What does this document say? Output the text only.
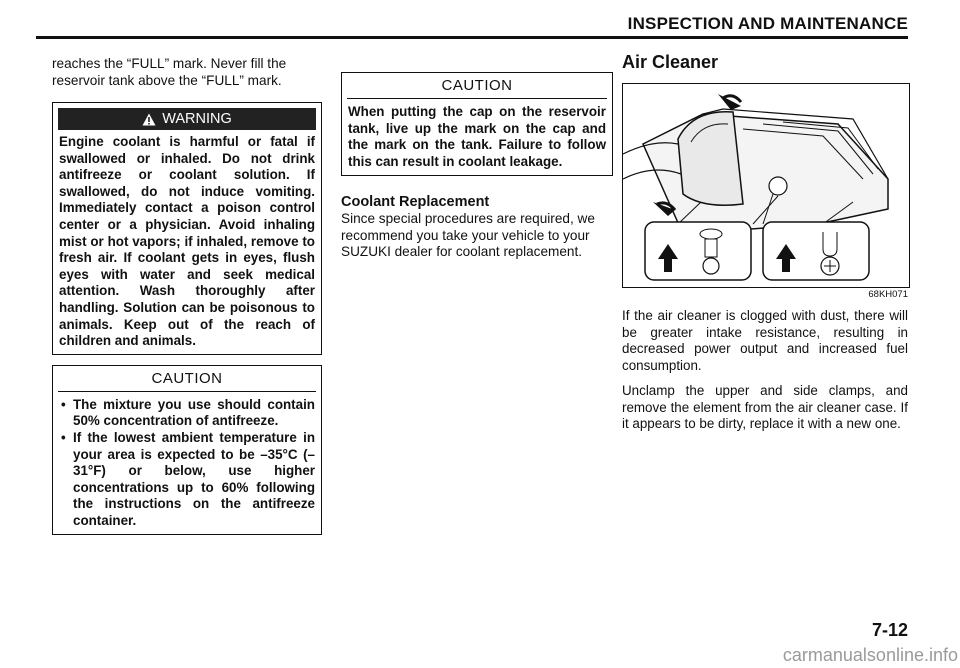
INSPECTION AND MAINTENANCE

reaches the “FULL” mark. Never fill the reservoir tank above the “FULL” mark.

WARNING
Engine coolant is harmful or fatal if swallowed or inhaled. Do not drink antifreeze or coolant solution. If swallowed, do not induce vomiting. Immediately contact a poison control center or a physician. Avoid inhaling mist or hot vapors; if inhaled, remove to fresh air. If coolant gets in eyes, flush eyes with water and seek medical attention. Wash thoroughly after handling. Solution can be poisonous to animals. Keep out of the reach of children and animals.
CAUTION
• The mixture you use should contain 50% concentration of antifreeze.
• If the lowest ambient temperature in your area is expected to be –35°C (–31°F) or below, use higher concentrations up to 60% following the instructions on the antifreeze container.
CAUTION
When putting the cap on the reservoir tank, live up the mark on the cap and the mark on the tank. Failure to follow this can result in coolant leakage.
Coolant Replacement

Since special procedures are required, we recommend you take your vehicle to your SUZUKI dealer for coolant replacement.

Air Cleaner
68KH071

If the air cleaner is clogged with dust, there will be greater intake resistance, resulting in decreased power output and increased fuel consumption.

Unclamp the upper and side clamps, and remove the element from the air cleaner case. If it appears to be dirty, replace it with a new one.

7-12
carmanualsonline.info
